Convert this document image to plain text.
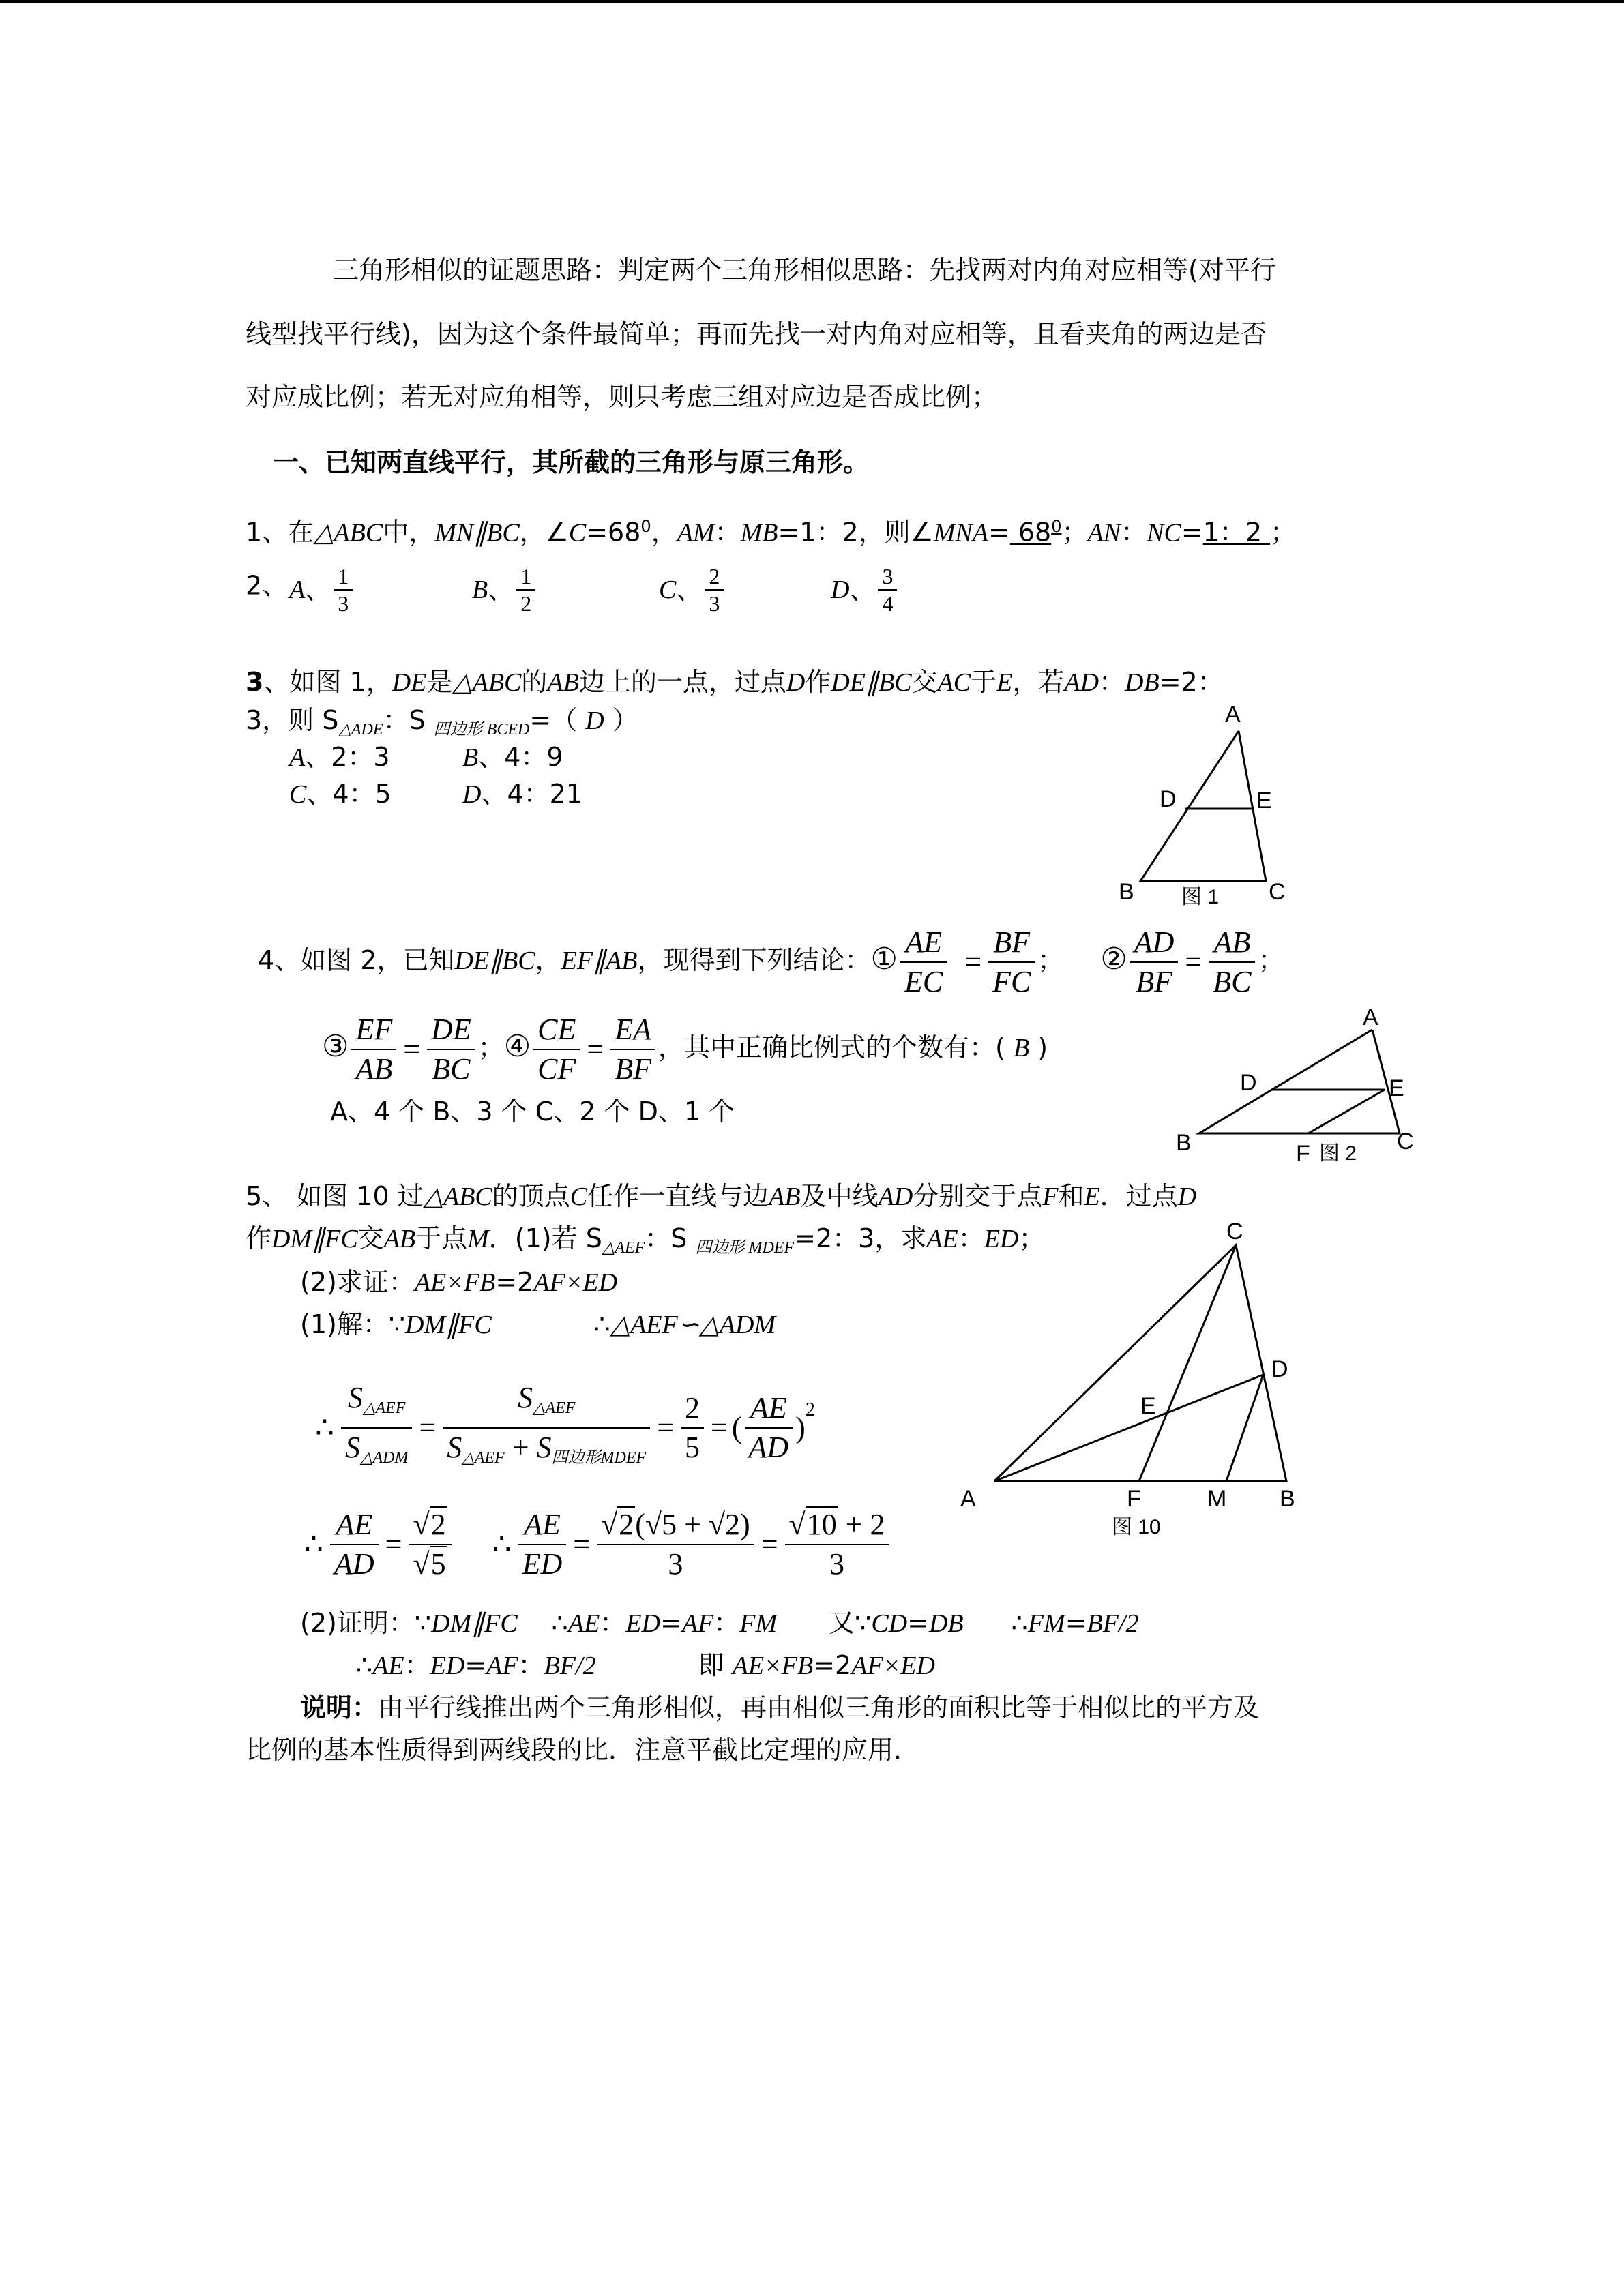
三角形相似的证题思路：判定两个三角形相似思路：先找两对内角对应相等(对平行
线型找平行线)，因为这个条件最简单；再而先找一对内角对应相等，且看夹角的两边是否
对应成比例；若无对应角相等，则只考虑三组对应边是否成比例；
一、已知两直线平行，其所截的三角形与原三角形。
1、在△ABC中，MN∥BC，$\angle C=68^0$，AM：MB=1：2，则∠MNA= $68^0$；AN：NC=1：2 ；
2、 A、 $\frac{1}{3}$	B、 $\frac{1}{2}$	C、 $\frac{2}{3}$	D、 $\frac{3}{4}$
3、如图 1，DE是△ABC的AB边上的一点，过点D作DE∥BC交AC于E，若AD：DB=2：
3，则 $S_{\triangle ADE}$：S $_{四边形 BCED}$=（ D ）
A、2：3	B、4：9
C、4：5	D、4：21
A
D	E
B	C
图 1
4、如图 2，已知DE∥BC，EF∥AB，现得到下列结论：① $\frac{AE}{EC} = \frac{BF}{FC}$ ； ② $\frac{AD}{BF} = \frac{AB}{BC}$ ；
③ $\frac{EF}{AB} = \frac{DE}{BC}$ ；④ $\frac{CE}{CF} = \frac{EA}{BF}$ ，其中正确比例式的个数有：( B )
A、4 个 B、3 个 C、2 个 D、1 个
A
D	E
B	C
F 图 2
5、 如图 10 过△ABC的顶点C任作一直线与边AB及中线AD分别交于点F和E．过点D
作DM∥FC交AB于点M．(1)若 $S_{\triangle AEF}$：S $_{四边形 MDEF}$=2：3，求AE：ED；
(2)求证：AE×FB=2AF×ED
(1)解：∵DM∥FC	∴△AEF∽△ADM
∴ $\frac{S_{\triangle AEF}}{S_{\triangle ADM}} = \frac{S_{\triangle AEF}}{S_{\triangle AEF} + S_{四边形MDEF}} = \frac{2}{5}$ = ( $\frac{AE}{AD} )^2$
∴ $\frac{AE}{AD} = \frac{√2}{√5}$ ∴ $\frac{AE}{ED} = \frac{√2(√5 + √2)}{3} = \frac{√10 + 2}{3}$
C
D
E
A	F	M B
图 10
(2)证明：∵DM∥FC ∴AE：ED=AF：FM 又∵CD=DB ∴FM=BF/2
∴AE：ED=AF：BF/2	即 AE×FB=2AF×ED
说明：由平行线推出两个三角形相似，再由相似三角形的面积比等于相似比的平方及
比例的基本性质得到两线段的比．注意平截比定理的应用．
